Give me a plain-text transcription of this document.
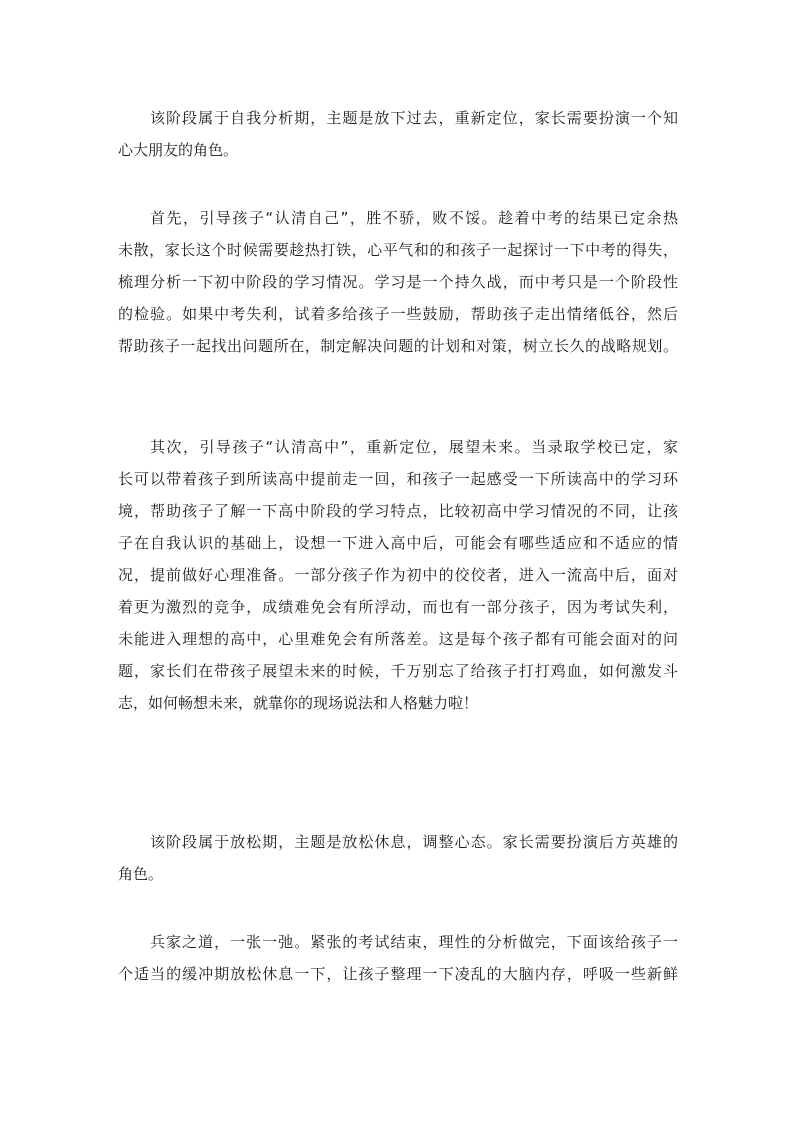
该阶段属于自我分析期，主题是放下过去，重新定位，家长需要扮演一个知
心大朋友的角色。
首先，引导孩子“认清自己”，胜不骄，败不馁。趁着中考的结果已定余热
未散，家长这个时候需要趁热打铁，心平气和的和孩子一起探讨一下中考的得失，
梳理分析一下初中阶段的学习情况。学习是一个持久战，而中考只是一个阶段性
的检验。如果中考失利，试着多给孩子一些鼓励，帮助孩子走出情绪低谷，然后
帮助孩子一起找出问题所在，制定解决问题的计划和对策，树立长久的战略规划。
其次，引导孩子“认清高中”，重新定位，展望未来。当录取学校已定，家
长可以带着孩子到所读高中提前走一回，和孩子一起感受一下所读高中的学习环
境，帮助孩子了解一下高中阶段的学习特点，比较初高中学习情况的不同，让孩
子在自我认识的基础上，设想一下进入高中后，可能会有哪些适应和不适应的情
况，提前做好心理准备。一部分孩子作为初中的佼佼者，进入一流高中后，面对
着更为激烈的竞争，成绩难免会有所浮动，而也有一部分孩子，因为考试失利，
未能进入理想的高中，心里难免会有所落差。这是每个孩子都有可能会面对的问
题，家长们在带孩子展望未来的时候，千万别忘了给孩子打打鸡血，如何激发斗
志，如何畅想未来，就靠你的现场说法和人格魅力啦！
该阶段属于放松期，主题是放松休息，调整心态。家长需要扮演后方英雄的
角色。
兵家之道，一张一弛。紧张的考试结束，理性的分析做完，下面该给孩子一
个适当的缓冲期放松休息一下，让孩子整理一下凌乱的大脑内存，呼吸一些新鲜
